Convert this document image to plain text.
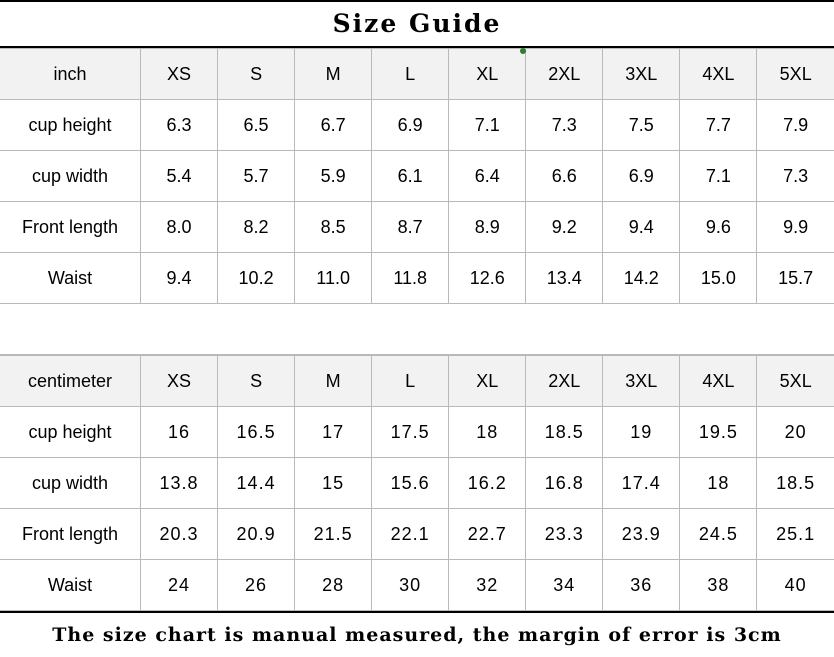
Size Guide
inch	XS	S	M	L	XL	2XL	3XL	4XL	5XL
cup height	6.3	6.5	6.7	6.9	7.1	7.3	7.5	7.7	7.9
cup width	5.4	5.7	5.9	6.1	6.4	6.6	6.9	7.1	7.3
Front length	8.0	8.2	8.5	8.7	8.9	9.2	9.4	9.6	9.9
Waist	9.4	10.2	11.0	11.8	12.6	13.4	14.2	15.0	15.7

centimeter	XS	S	M	L	XL	2XL	3XL	4XL	5XL
cup height	16	16.5	17	17.5	18	18.5	19	19.5	20
cup width	13.8	14.4	15	15.6	16.2	16.8	17.4	18	18.5
Front length	20.3	20.9	21.5	22.1	22.7	23.3	23.9	24.5	25.1
Waist	24	26	28	30	32	34	36	38	40
The size chart is manual measured, the margin of error is 3cm
